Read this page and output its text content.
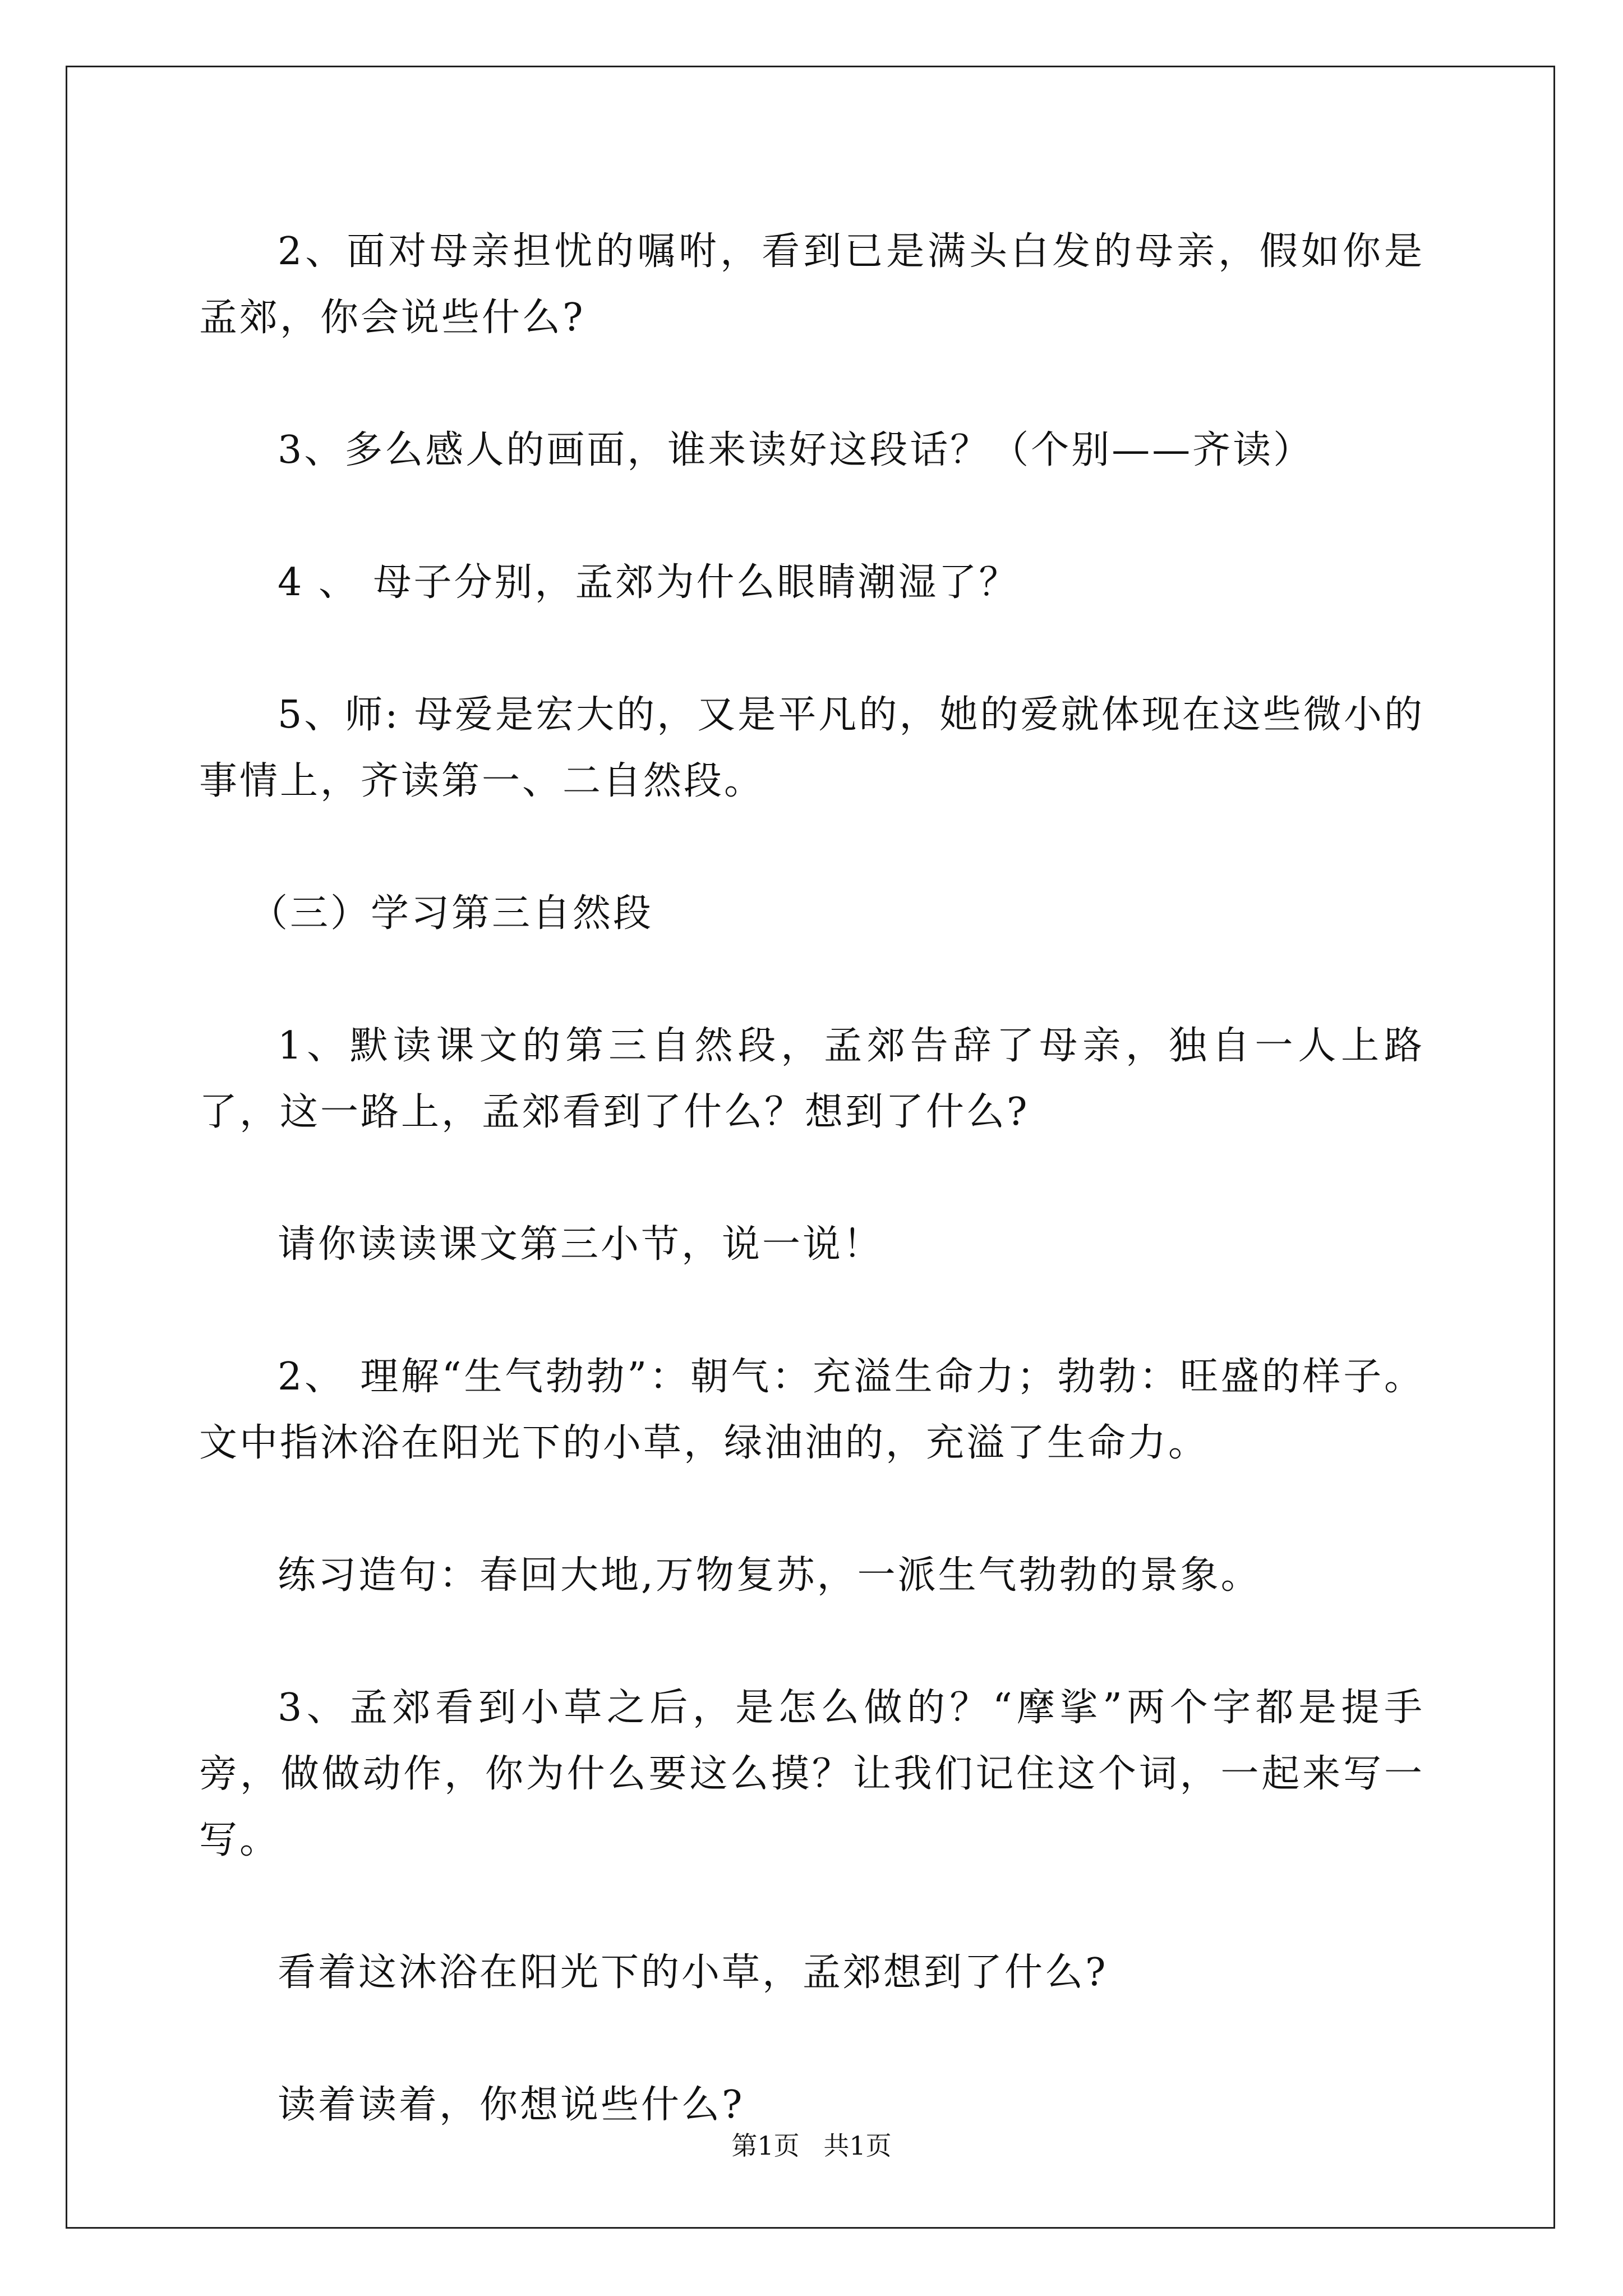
2、面对母亲担忧的嘱咐，看到已是满头白发的母亲，假如你是孟郊，你会说些什么?

3、多么感人的画面，谁来读好这段话？（个别——齐读）

4 、 母子分别，孟郊为什么眼睛潮湿了？

5、师: 母爱是宏大的，又是平凡的，她的爱就体现在这些微小的事情上，齐读第一、二自然段。

（三）学习第三自然段

1、默读课文的第三自然段，孟郊告辞了母亲，独自一人上路了，这一路上，孟郊看到了什么？想到了什么?

请你读读课文第三小节，说一说！

2、 理解“生气勃勃”：朝气：充溢生命力；勃勃：旺盛的样子。文中指沐浴在阳光下的小草，绿油油的，充溢了生命力。

练习造句：春回大地,万物复苏，一派生气勃勃的景象。

3、孟郊看到小草之后，是怎么做的？“摩挲”两个字都是提手旁，做做动作，你为什么要这么摸？让我们记住这个词，一起来写一写。

看着这沐浴在阳光下的小草，孟郊想到了什么?

读着读着，你想说些什么?

第1页 共1页
